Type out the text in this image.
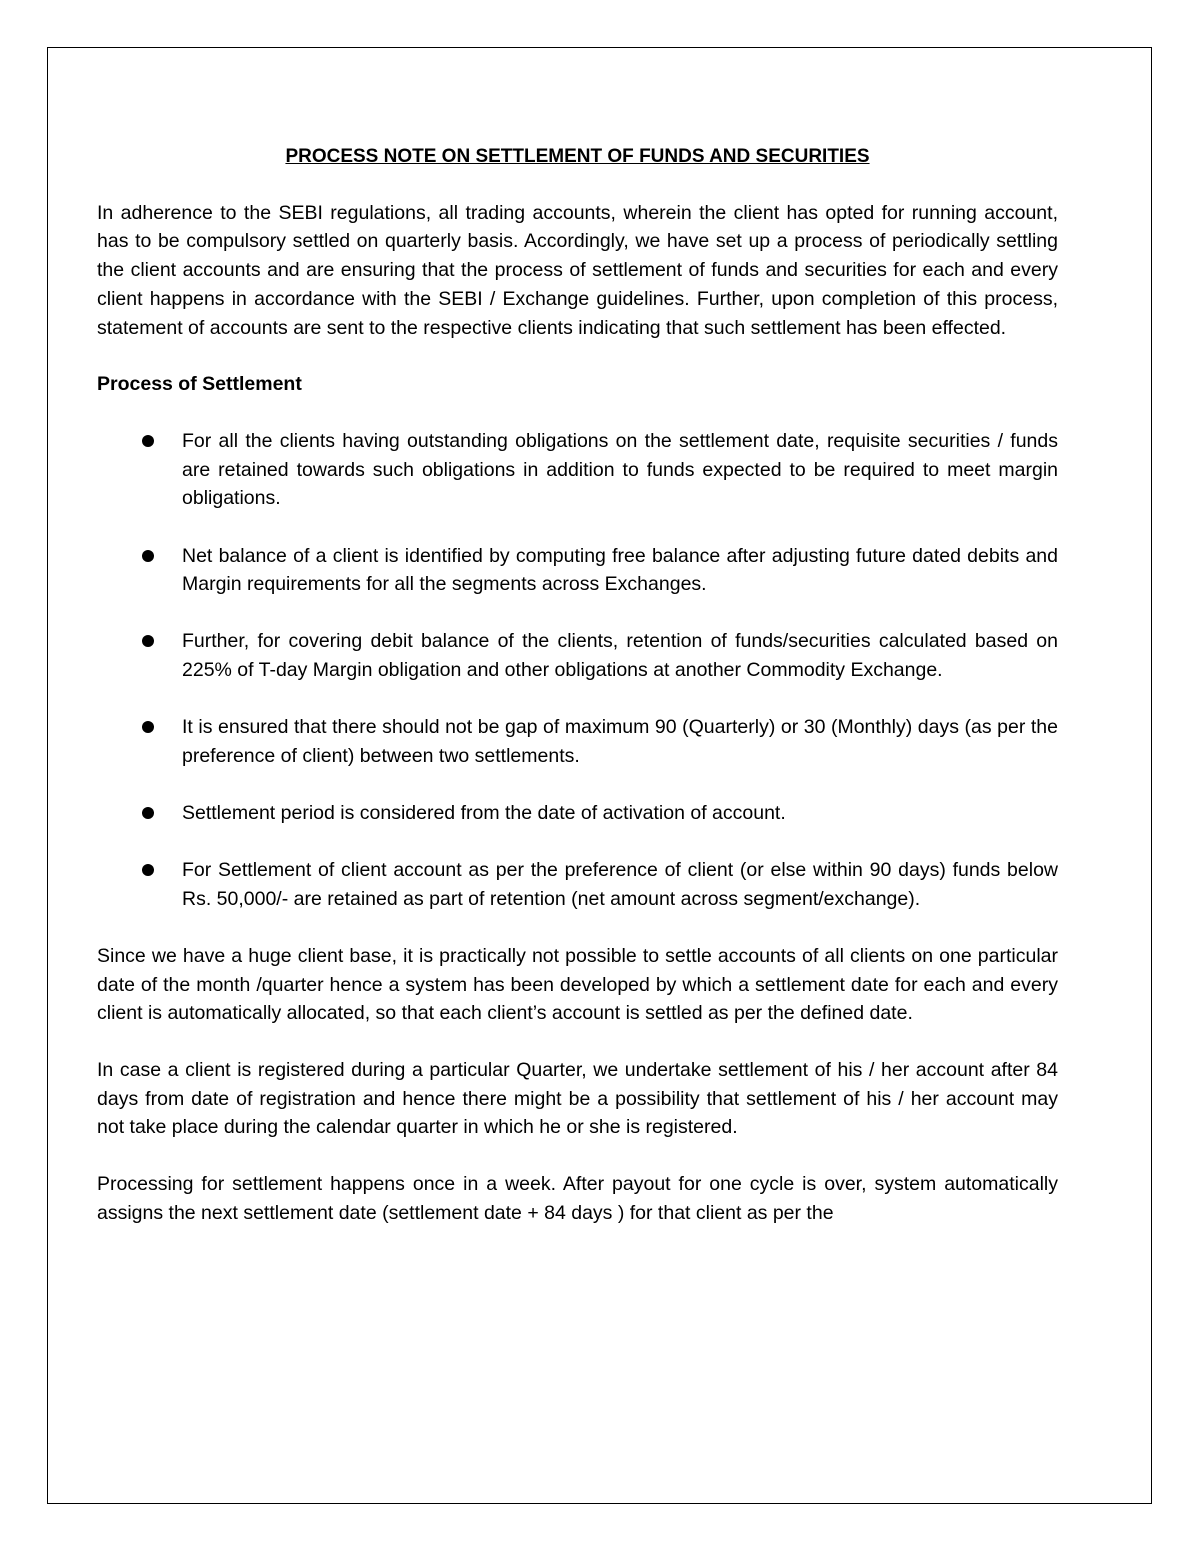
PROCESS NOTE ON SETTLEMENT OF FUNDS AND SECURITIES

In adherence to the SEBI regulations, all trading accounts, wherein the client has opted for running account, has to be compulsory settled on quarterly basis. Accordingly, we have set up a process of periodically settling the client accounts and are ensuring that the process of settlement of funds and securities for each and every client happens in accordance with the SEBI / Exchange guidelines. Further, upon completion of this process, statement of accounts are sent to the respective clients indicating that such settlement has been effected.

Process of Settlement

For all the clients having outstanding obligations on the settlement date, requisite securities / funds are retained towards such obligations in addition to funds expected to be required to meet margin obligations.
Net balance of a client is identified by computing free balance after adjusting future dated debits and Margin requirements for all the segments across Exchanges.
Further, for covering debit balance of the clients, retention of funds/securities calculated based on 225% of T-day Margin obligation and other obligations at another Commodity Exchange.
It is ensured that there should not be gap of maximum 90 (Quarterly) or 30 (Monthly) days (as per the preference of client) between two settlements.
Settlement period is considered from the date of activation of account.
For Settlement of client account as per the preference of client (or else within 90 days) funds below Rs. 50,000/- are retained as part of retention (net amount across segment/exchange).

Since we have a huge client base, it is practically not possible to settle accounts of all clients on one particular date of the month /quarter hence a system has been developed by which a settlement date for each and every client is automatically allocated, so that each client’s account is settled as per the defined date.

In case a client is registered during a particular Quarter, we undertake settlement of his / her account after 84 days from date of registration and hence there might be a possibility that settlement of his / her account may not take place during the calendar quarter in which he or she is registered.

Processing for settlement happens once in a week. After payout for one cycle is over, system automatically assigns the next settlement date (settlement date + 84 days ) for that client as per the
